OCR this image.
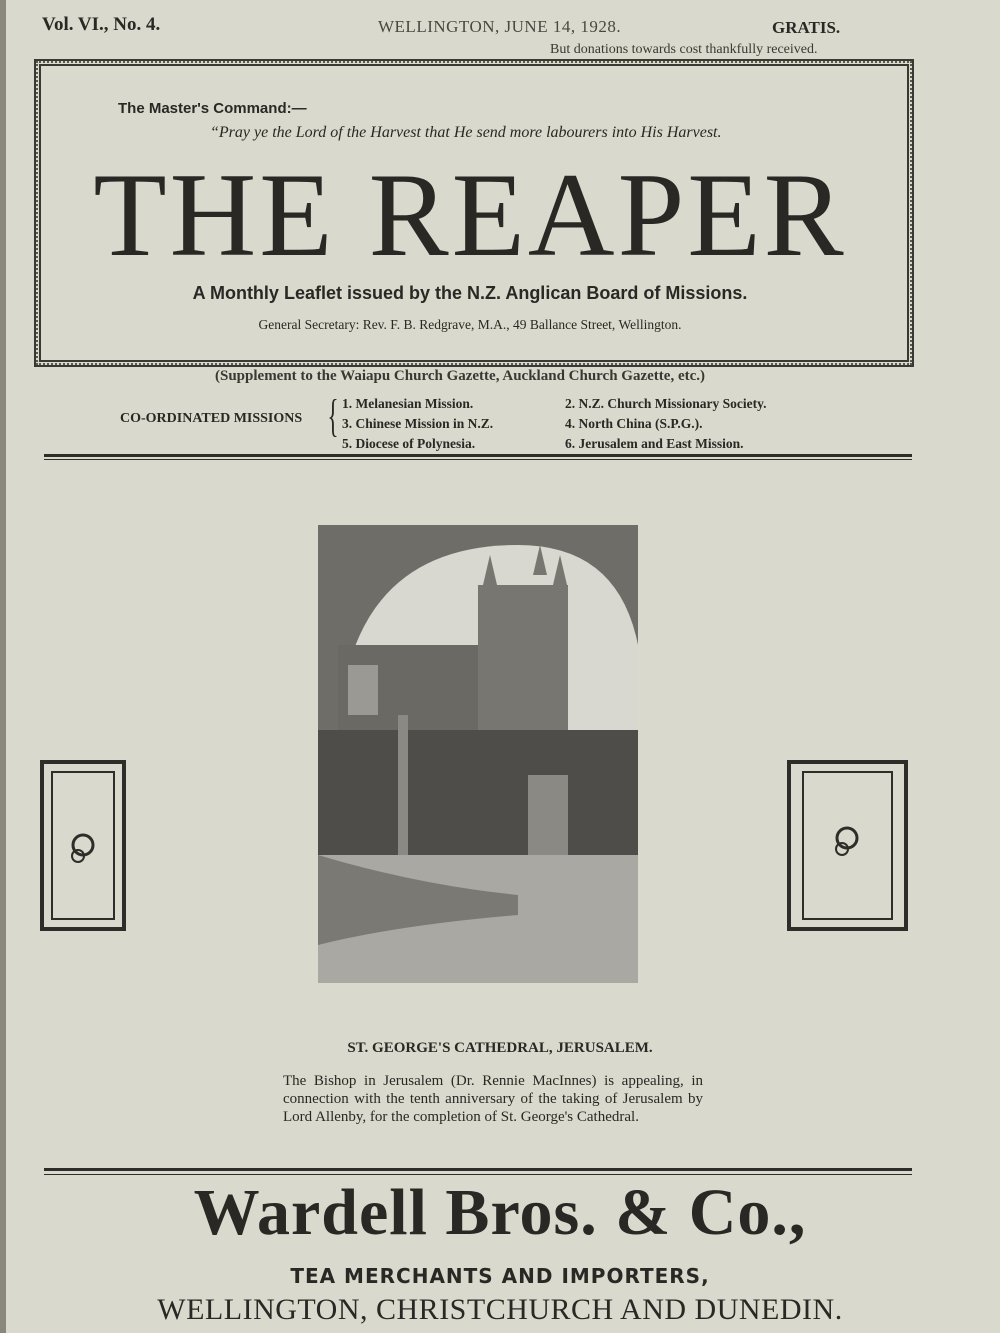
Vol. VI., No. 4.	WELLINGTON, JUNE 14, 1928.	GRATIS.
But donations towards cost thankfully received.
The Master's Command:—
“Pray ye the Lord of the Harvest that He send more labourers into His Harvest.
THE REAPER
A Monthly Leaflet issued by the N.Z. Anglican Board of Missions.
General Secretary: Rev. F. B. Redgrave, M.A., 49 Ballance Street, Wellington.
(Supplement to the Waiapu Church Gazette, Auckland Church Gazette, etc.)
CO-ORDINATED MISSIONS { 1. Melanesian Mission.
3. Chinese Mission in N.Z.
5. Diocese of Polynesia.
2. N.Z. Church Missionary Society.
4. North China (S.P.G.).
6. Jerusalem and East Mission.
ST. GEORGE'S CATHEDRAL, JERUSALEM.
The Bishop in Jerusalem (Dr. Rennie MacInnes) is appealing, in connection with the tenth anniversary of the taking of Jerusalem by Lord Allenby, for the completion of St. George's Cathedral.
Wardell Bros. & Co.,
TEA MERCHANTS AND IMPORTERS,
WELLINGTON, CHRISTCHURCH AND DUNEDIN.
